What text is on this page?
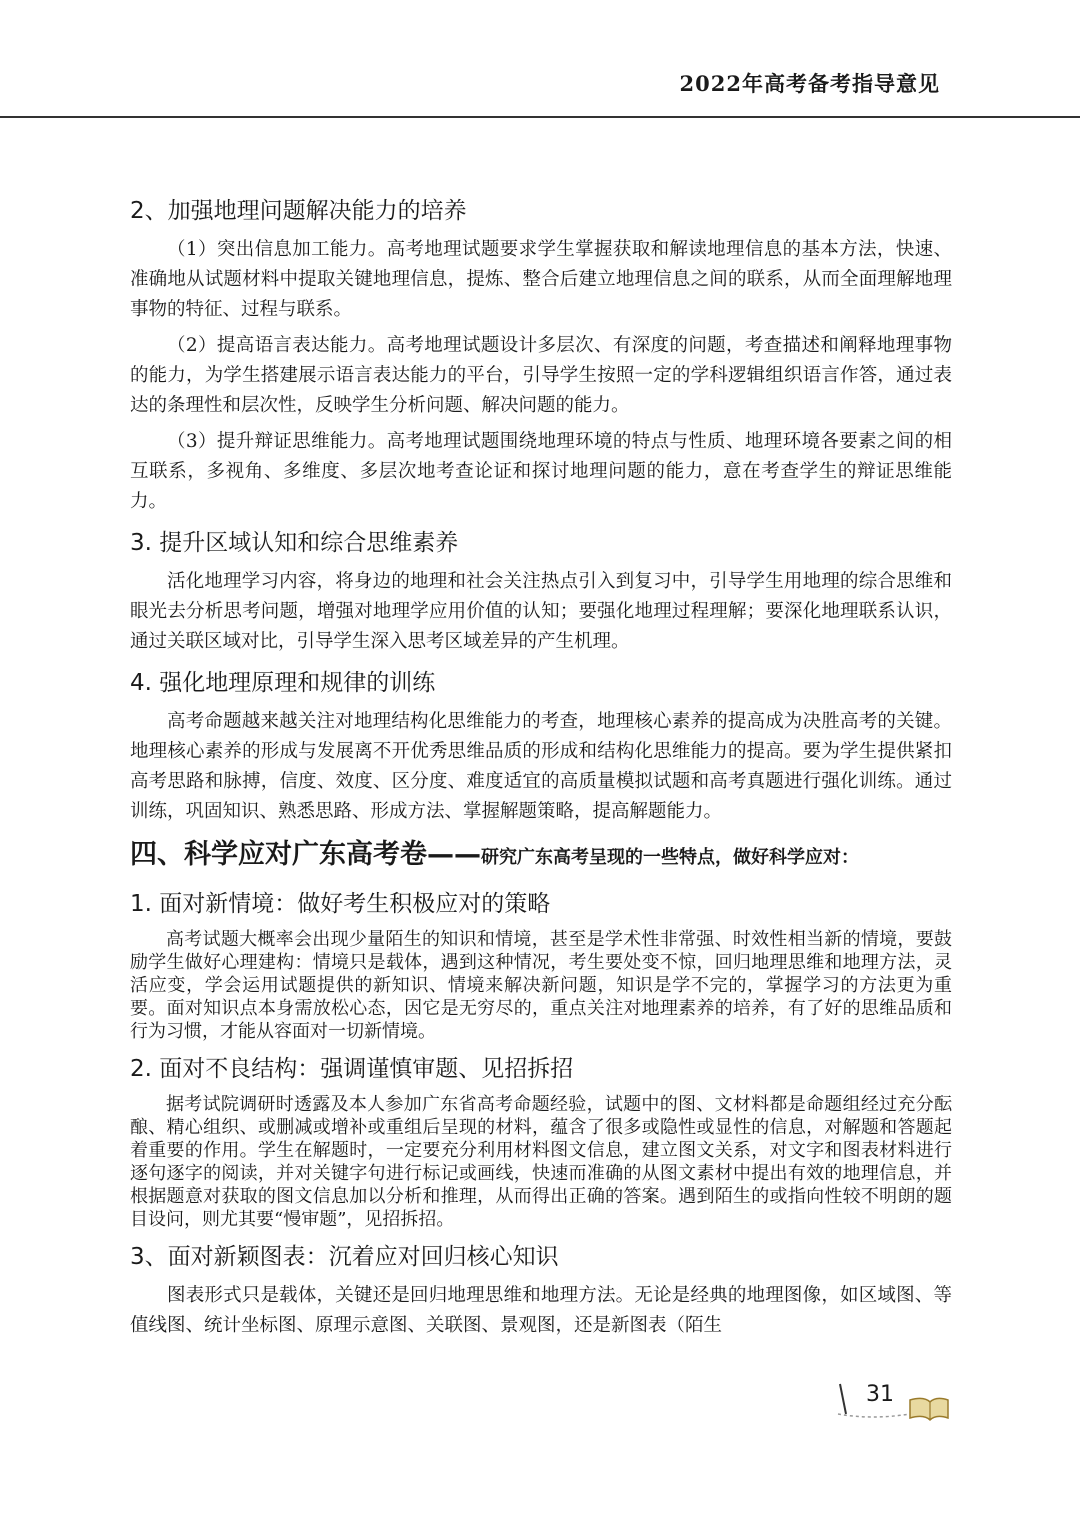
2022年高考备考指导意见
2、加强地理问题解决能力的培养

（1）突出信息加工能力。高考地理试题要求学生掌握获取和解读地理信息的基本方法，快速、准确地从试题材料中提取关键地理信息，提炼、整合后建立地理信息之间的联系，从而全面理解地理事物的特征、过程与联系。

（2）提高语言表达能力。高考地理试题设计多层次、有深度的问题，考查描述和阐释地理事物的能力，为学生搭建展示语言表达能力的平台，引导学生按照一定的学科逻辑组织语言作答，通过表达的条理性和层次性，反映学生分析问题、解决问题的能力。

（3）提升辩证思维能力。高考地理试题围绕地理环境的特点与性质、地理环境各要素之间的相互联系，多视角、多维度、多层次地考查论证和探讨地理问题的能力，意在考查学生的辩证思维能力。

3. 提升区域认知和综合思维素养

活化地理学习内容，将身边的地理和社会关注热点引入到复习中，引导学生用地理的综合思维和眼光去分析思考问题，增强对地理学应用价值的认知；要强化地理过程理解；要深化地理联系认识，通过关联区域对比，引导学生深入思考区域差异的产生机理。

4. 强化地理原理和规律的训练

高考命题越来越关注对地理结构化思维能力的考查，地理核心素养的提高成为决胜高考的关键。地理核心素养的形成与发展离不开优秀思维品质的形成和结构化思维能力的提高。要为学生提供紧扣高考思路和脉搏，信度、效度、区分度、难度适宜的高质量模拟试题和高考真题进行强化训练。通过训练，巩固知识、熟悉思路、形成方法、掌握解题策略，提高解题能力。

四、科学应对广东高考卷——研究广东高考呈现的一些特点，做好科学应对：
1. 面对新情境：做好考生积极应对的策略

高考试题大概率会出现少量陌生的知识和情境，甚至是学术性非常强、时效性相当新的情境，要鼓励学生做好心理建构：情境只是载体，遇到这种情况，考生要处变不惊，回归地理思维和地理方法，灵活应变，学会运用试题提供的新知识、情境来解决新问题，知识是学不完的，掌握学习的方法更为重要。面对知识点本身需放松心态，因它是无穷尽的，重点关注对地理素养的培养，有了好的思维品质和行为习惯，才能从容面对一切新情境。

2. 面对不良结构：强调谨慎审题、见招拆招

据考试院调研时透露及本人参加广东省高考命题经验，试题中的图、文材料都是命题组经过充分酝酿、精心组织、或删减或增补或重组后呈现的材料，蕴含了很多或隐性或显性的信息，对解题和答题起着重要的作用。学生在解题时，一定要充分利用材料图文信息，建立图文关系，对文字和图表材料进行逐句逐字的阅读，并对关键字句进行标记或画线，快速而准确的从图文素材中提出有效的地理信息，并根据题意对获取的图文信息加以分析和推理，从而得出正确的答案。遇到陌生的或指向性较不明朗的题目设问，则尤其要“慢审题”，见招拆招。

3、面对新颖图表：沉着应对回归核心知识

图表形式只是载体，关键还是回归地理思维和地理方法。无论是经典的地理图像，如区域图、等值线图、统计坐标图、原理示意图、关联图、景观图，还是新图表（陌生

31
